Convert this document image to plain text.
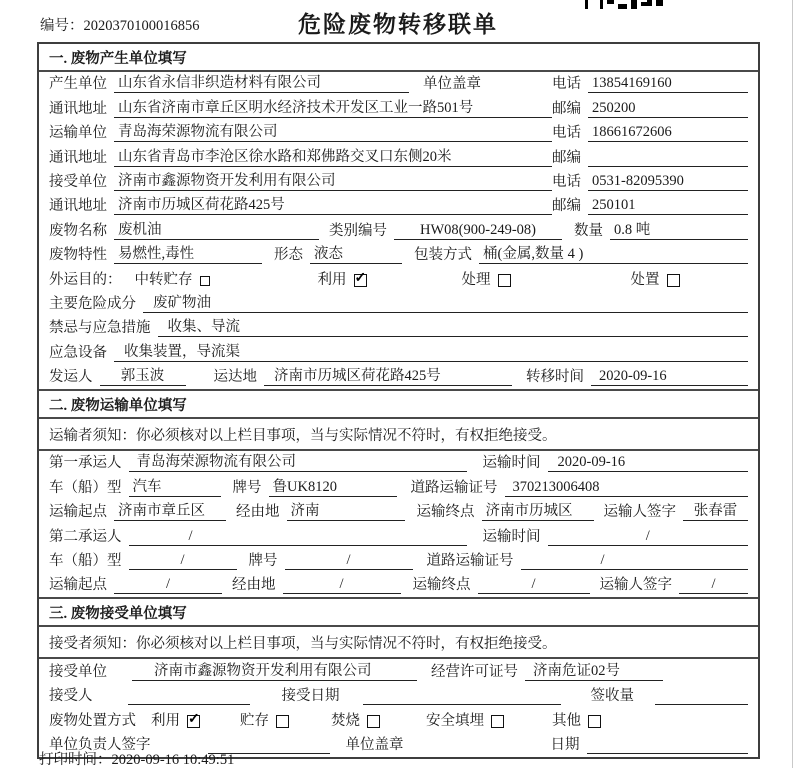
编号：2020370100016856	危险废物转移联单
一. 废物产生单位填写
产生单位 山东省永信非织造材料有限公司	单位盖章	电话 13854169160
通讯地址 山东省济南市章丘区明水经济技术开发区工业一路501号	邮编 250200
运输单位 青岛海荣源物流有限公司	电话 18661672606
通讯地址 山东省青岛市李沧区徐水路和郑佛路交叉口东侧20米	邮编
接受单位 济南市鑫源物资开发利用有限公司	电话 0531-82095390
通讯地址 济南市历城区荷花路425号	邮编 250101
废物名称 废机油	类别编号	HW08(900-249-08)	数量 0.8 吨
废物特性 易燃性,毒性	形态 液态	包装方式 桶(金属,数量 4 )
外运目的： 中转贮存	利用 ✓	处理	处置
主要危险成分	废矿物油
禁忌与应急措施	收集、导流
应急设备	收集装置，导流渠
发运人	郭玉波	运达地	济南市历城区荷花路425号	转移时间	2020-09-16
二. 废物运输单位填写
运输者须知：你必须核对以上栏目事项，当与实际情况不符时，有权拒绝接受。
第一承运人	青岛海荣源物流有限公司	运输时间	2020-09-16
车（船）型 汽车	牌号 鲁UK8120	道路运输证号	370213006408
运输起点 济南市章丘区	经由地 济南	运输终点 济南市历城区	运输人签字	张春雷
第二承运人	/	运输时间	/
车（船）型	/	牌号	/	道路运输证号	/
运输起点	/	经由地	/	运输终点	/	运输人签字	/
三. 废物接受单位填写
接受者须知：你必须核对以上栏目事项，当与实际情况不符时，有权拒绝接受。
接受单位	济南市鑫源物资开发利用有限公司	经营许可证号	济南危证02号
接受人	接受日期	签收量
废物处置方式 利用 ✓	贮存	焚烧	安全填埋	其他
单位负责人签字	单位盖章	日期
打印时间：2020-09-16 10:49:51
